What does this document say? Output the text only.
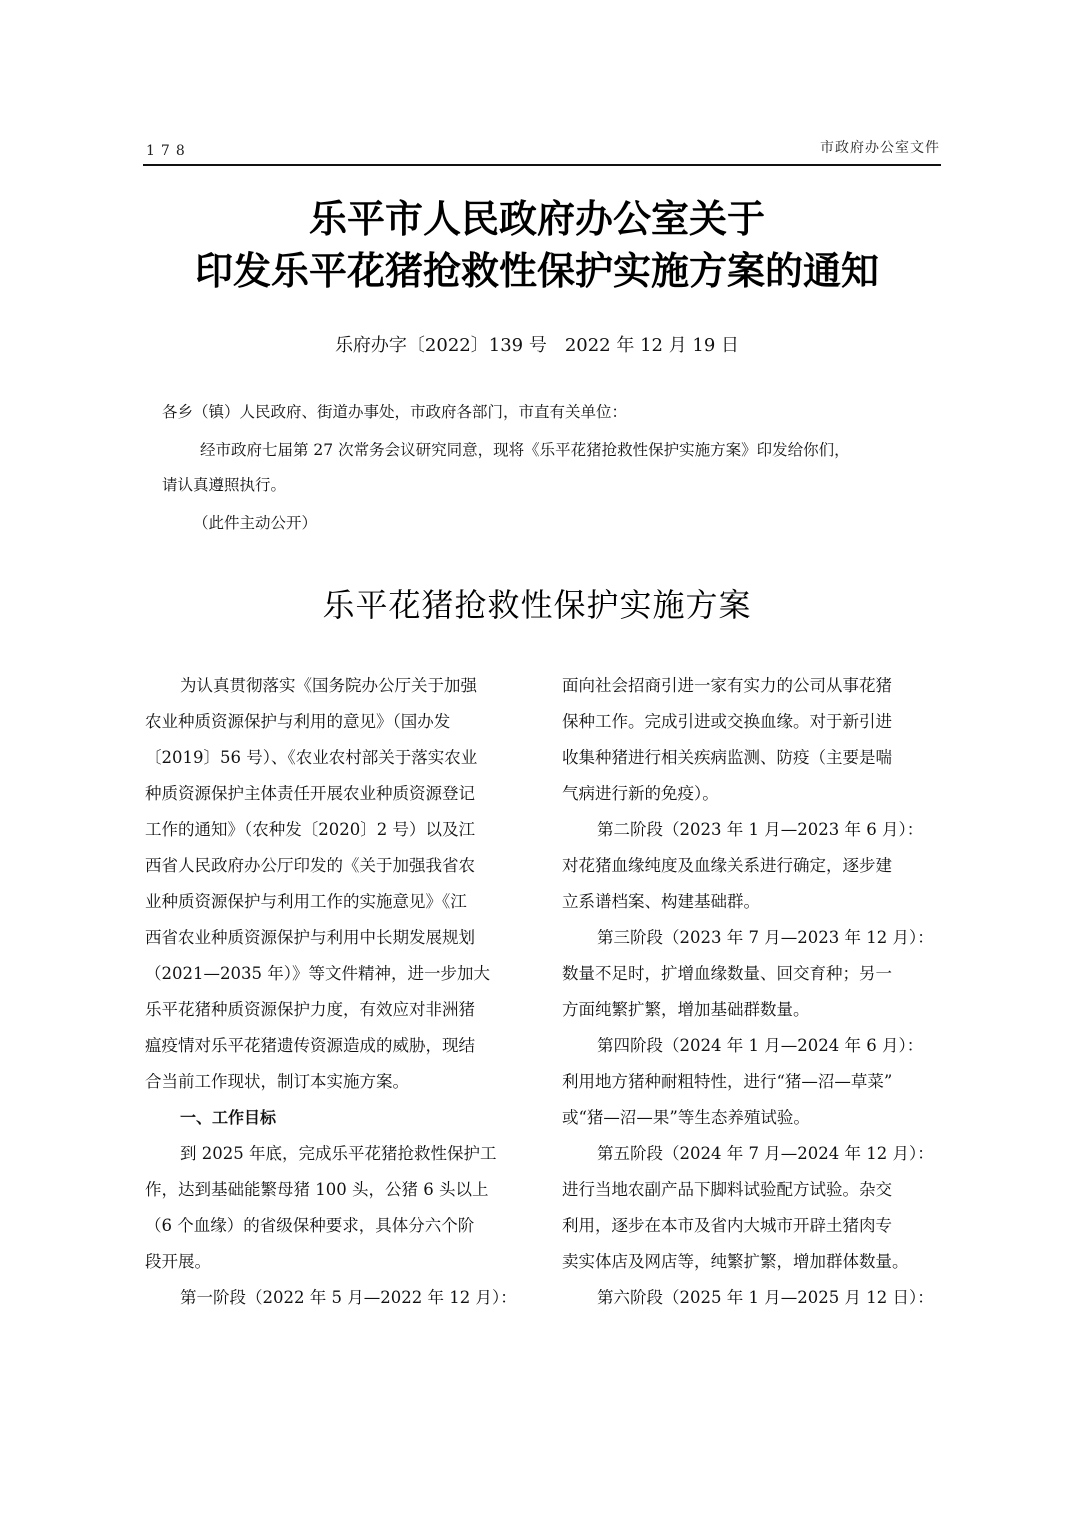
178	市政府办公室文件
乐平市人民政府办公室关于
印发乐平花猪抢救性保护实施方案的通知
乐府办字〔2022〕139 号　2022 年 12 月 19 日
各乡（镇）人民政府、街道办事处，市政府各部门，市直有关单位：
经市政府七届第 27 次常务会议研究同意，现将《乐平花猪抢救性保护实施方案》印发给你们，
请认真遵照执行。
（此件主动公开）
乐平花猪抢救性保护实施方案
为认真贯彻落实《国务院办公厅关于加强
农业种质资源保护与利用的意见》（国办发
〔2019〕56 号）、《农业农村部关于落实农业
种质资源保护主体责任开展农业种质资源登记
工作的通知》（农种发〔2020〕2 号）以及江
西省人民政府办公厅印发的《关于加强我省农
业种质资源保护与利用工作的实施意见》《江
西省农业种质资源保护与利用中长期发展规划
（2021—2035 年）》等文件精神，进一步加大
乐平花猪种质资源保护力度，有效应对非洲猪
瘟疫情对乐平花猪遗传资源造成的威胁，现结
合当前工作现状，制订本实施方案。
一、工作目标
到 2025 年底，完成乐平花猪抢救性保护工
作，达到基础能繁母猪 100 头，公猪 6 头以上
（6 个血缘）的省级保种要求，具体分六个阶
段开展。
第一阶段（2022 年 5 月—2022 年 12 月）：
面向社会招商引进一家有实力的公司从事花猪
保种工作。完成引进或交换血缘。对于新引进
收集种猪进行相关疾病监测、防疫（主要是喘
气病进行新的免疫）。
第二阶段（2023 年 1 月—2023 年 6 月）：
对花猪血缘纯度及血缘关系进行确定，逐步建
立系谱档案、构建基础群。
第三阶段（2023 年 7 月—2023 年 12 月）：
数量不足时，扩增血缘数量、回交育种；另一
方面纯繁扩繁，增加基础群数量。
第四阶段（2024 年 1 月—2024 年 6 月）：
利用地方猪种耐粗特性，进行“猪—沼—草菜”
或“猪—沼—果”等生态养殖试验。
第五阶段（2024 年 7 月—2024 年 12 月）：
进行当地农副产品下脚料试验配方试验。杂交
利用，逐步在本市及省内大城市开辟土猪肉专
卖实体店及网店等，纯繁扩繁，增加群体数量。
第六阶段（2025 年 1 月—2025 月 12 日）：
